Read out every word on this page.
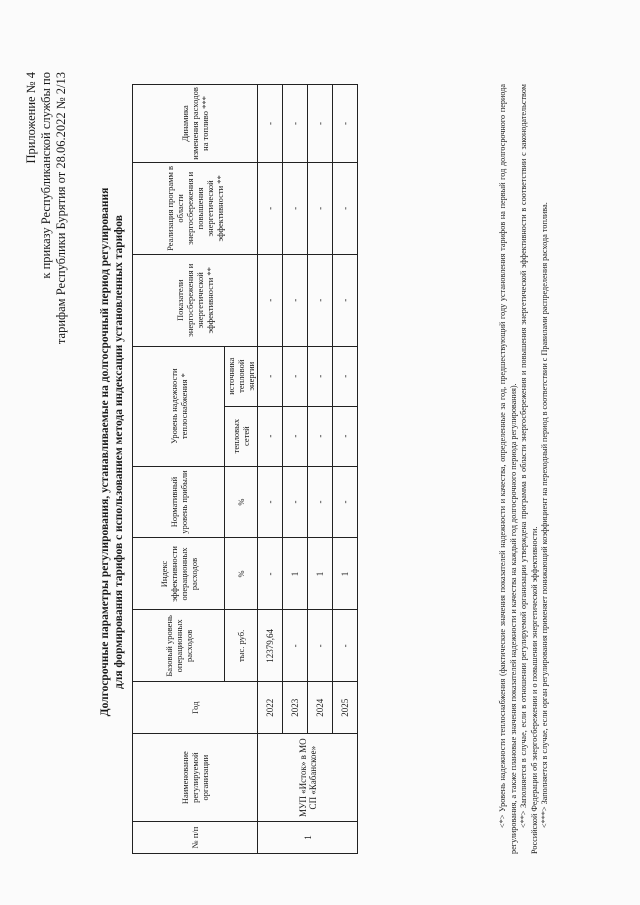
Приложение № 4 к приказу Республиканской службы по тарифам Республики Бурятия от 28.06.2022 № 2/13	Долгосрочные параметры регулирования, устанавливаемые на долгосрочный период регулирования для формирования тарифов с использованием метода индексации установленных тарифов
№ п/п	Наименование регулируемой организации	Год	Базовый уровень операционных расходов	Индекс эффективности операционных расходов	Нормативный уровень прибыли	Уровень надежности теплоснабжения *		Показатели энергосбережения и энергетической эффективности **	Реализация программ в области энергосбережения и повышения энергетической эффективности **	Динамика изменения расходов на топливо ***
			тыс. руб.	%	%	тепловых сетей	источника тепловой энергии			
1	МУП «Исток» в МО СП «Кабанское»	2022	12379,64	-	-	-	-	-	-	-
		2023	-	1	-	-	-	-	-	-
		2024	-	1	-	-	-	-	-	-
		2025	-	1	-	-	-	-	-	-	<*> Уровень надежности теплоснабжения (фактические значения показателей надежности и качества, определенные за год, предшествующий году установления тарифов на первый год долгосрочного периода регулирования, а также плановые значения показателей надежности и качества на каждый год долгосрочного периода регулирования). <**> Заполняется в случае, если в отношении регулируемой организации утверждена программа в области энергосбережения и повышения энергетической эффективности в соответствии с законодательством Российской Федерации об энергосбережении и о повышении энергетической эффективности. <***> Заполняется в случае, если орган регулирования применяет понижающий коэффициент на переходный период в соответствии с Правилами распределения расхода топлива.
